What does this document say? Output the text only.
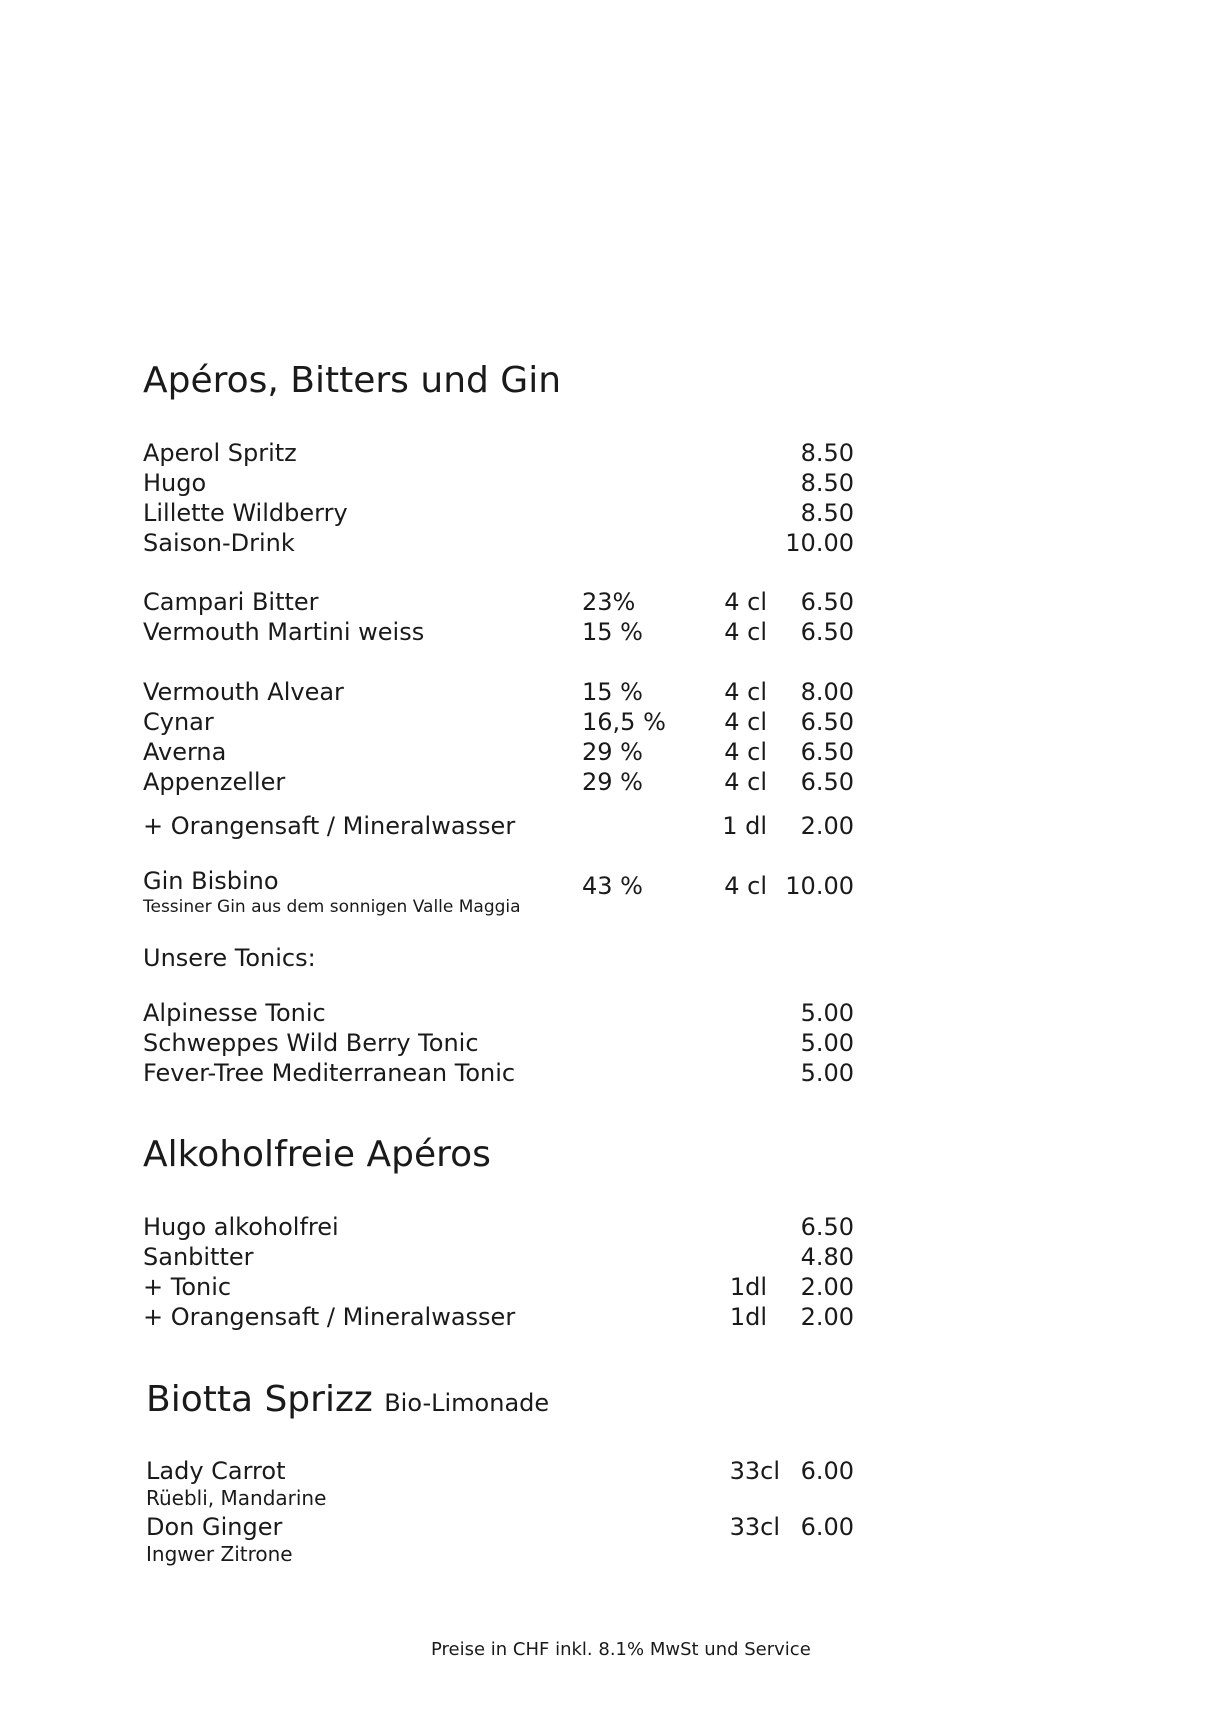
Apéros, Bitters und Gin
Aperol Spritz	8.50
Hugo	8.50
Lillette Wildberry	8.50
Saison-Drink	10.00
Campari Bitter	23%	4 cl 6.50
Vermouth Martini weiss	15 %	4 cl 6.50
Vermouth Alvear	15 %	4 cl 8.00
Cynar	16,5 % 4 cl 6.50
Averna	29 %	4 cl 6.50
Appenzeller	29 %	4 cl 6.50
+ Orangensaft / Mineralwasser	1 dl 2.00
Gin Bisbino	43 %	4 cl 10.00
Tessiner Gin aus dem sonnigen Valle Maggia
Unsere Tonics:
Alpinesse Tonic	5.00
Schweppes Wild Berry Tonic	5.00
Fever-Tree Mediterranean Tonic	5.00
Alkoholfreie Apéros
Hugo alkoholfrei	6.50
Sanbitter	4.80
+ Tonic	1dl 2.00
+ Orangensaft / Mineralwasser	1dl 2.00
Biotta Sprizz Bio-Limonade
Lady Carrot	33cl 6.00
Rüebli, Mandarine
Don Ginger	33cl 6.00
Ingwer Zitrone
Preise in CHF inkl. 8.1% MwSt und Service
